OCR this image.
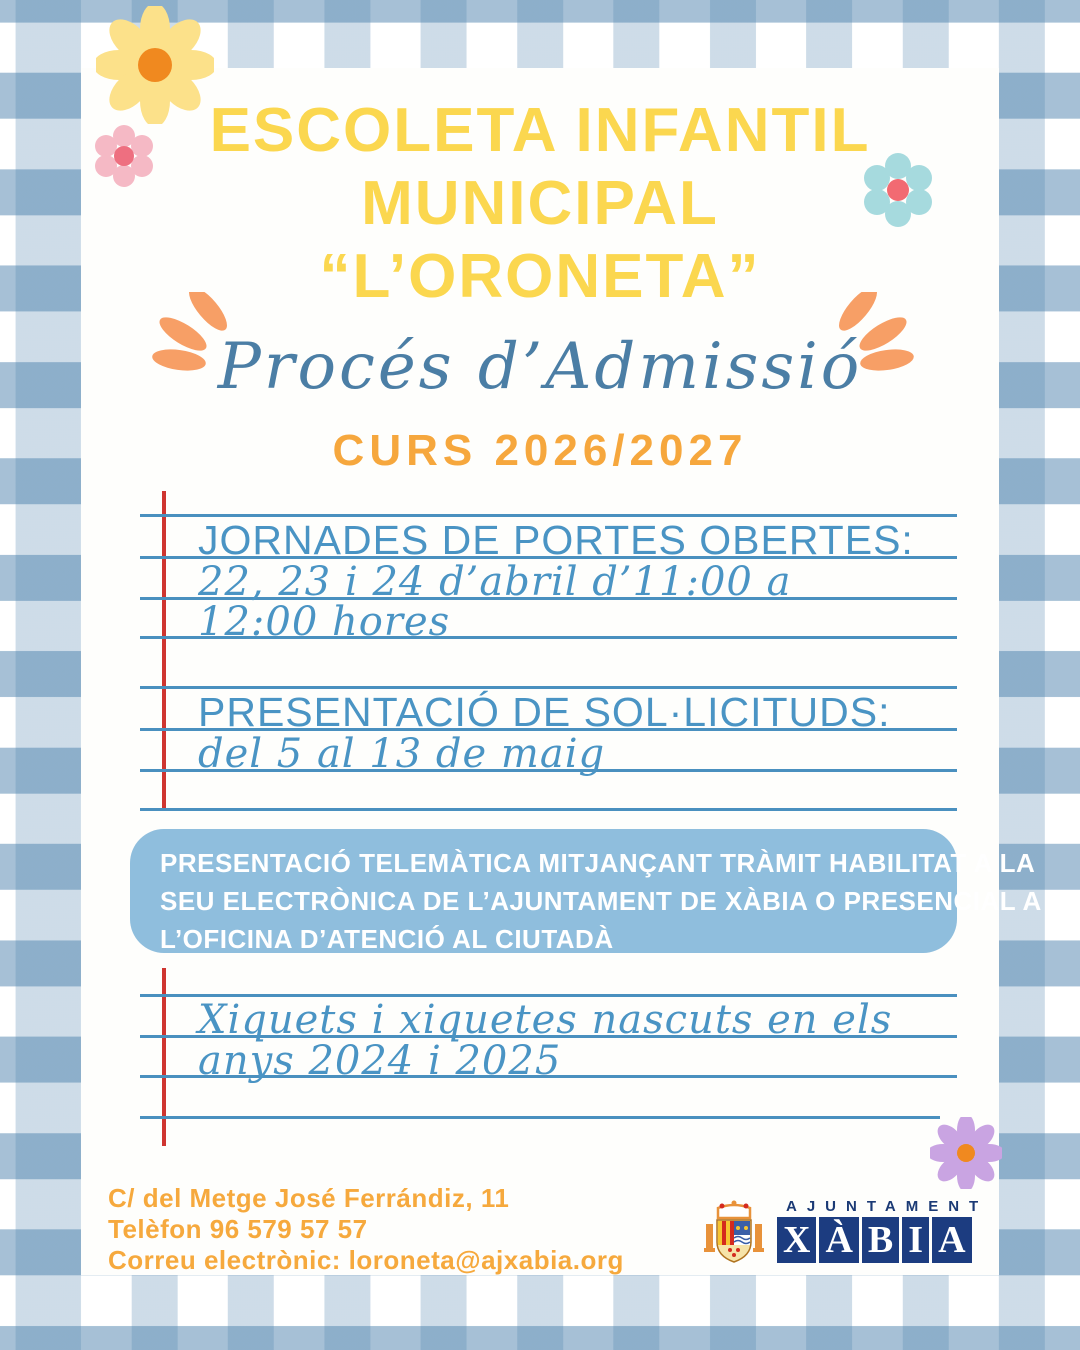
ESCOLETA INFANTIL
MUNICIPAL
“L’ORONETA”
Procés d’Admissió
CURS 2026/2027
JORNADES DE PORTES OBERTES:
22, 23 i 24 d’abril d’11:00 a
12:00 hores
PRESENTACIÓ DE SOL·LICITUDS:
del 5 al 13 de maig
PRESENTACIÓ TELEMÀTICA MITJANÇANT TRÀMIT HABILITAT A LA
SEU ELECTRÒNICA DE L’AJUNTAMENT DE XÀBIA O PRESENCIAL A
L’OFICINA D’ATENCIÓ AL CIUTADÀ
Xiquets i xiquetes nascuts en els
anys 2024 i 2025
C/ del Metge José Ferrándiz, 11
Telèfon 96 579 57 57
Correu electrònic: loroneta@ajxabia.org
AJUNTAMENT
X À B I A
